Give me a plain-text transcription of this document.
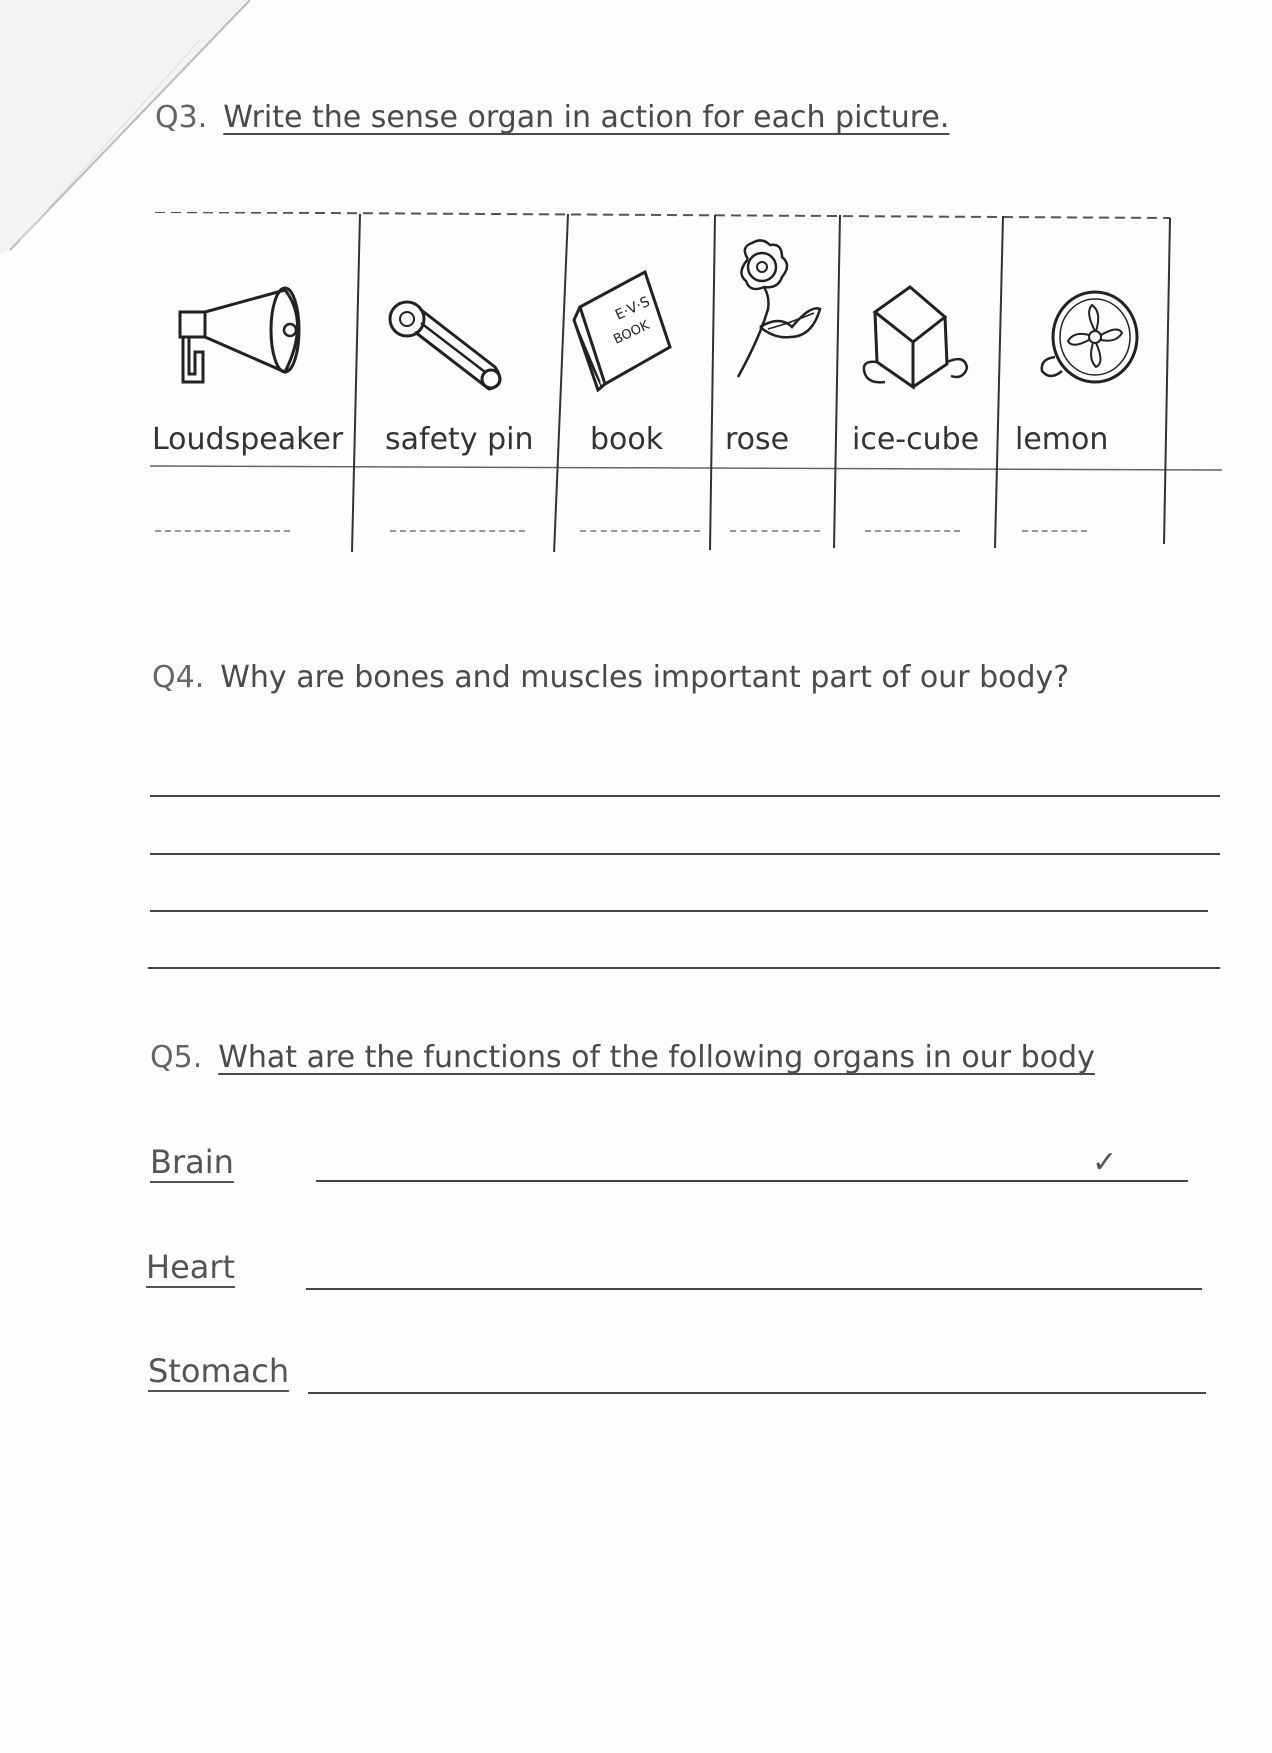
Q3. Write the sense organ in action for each picture.
E·V·S
BOOK
Loudspeaker safety pin book rose ice-cube lemon
Q4. Why are bones and muscles important part of our body?
Q5. What are the functions of the following organs in our body
Brain	✓
Heart
Stomach
